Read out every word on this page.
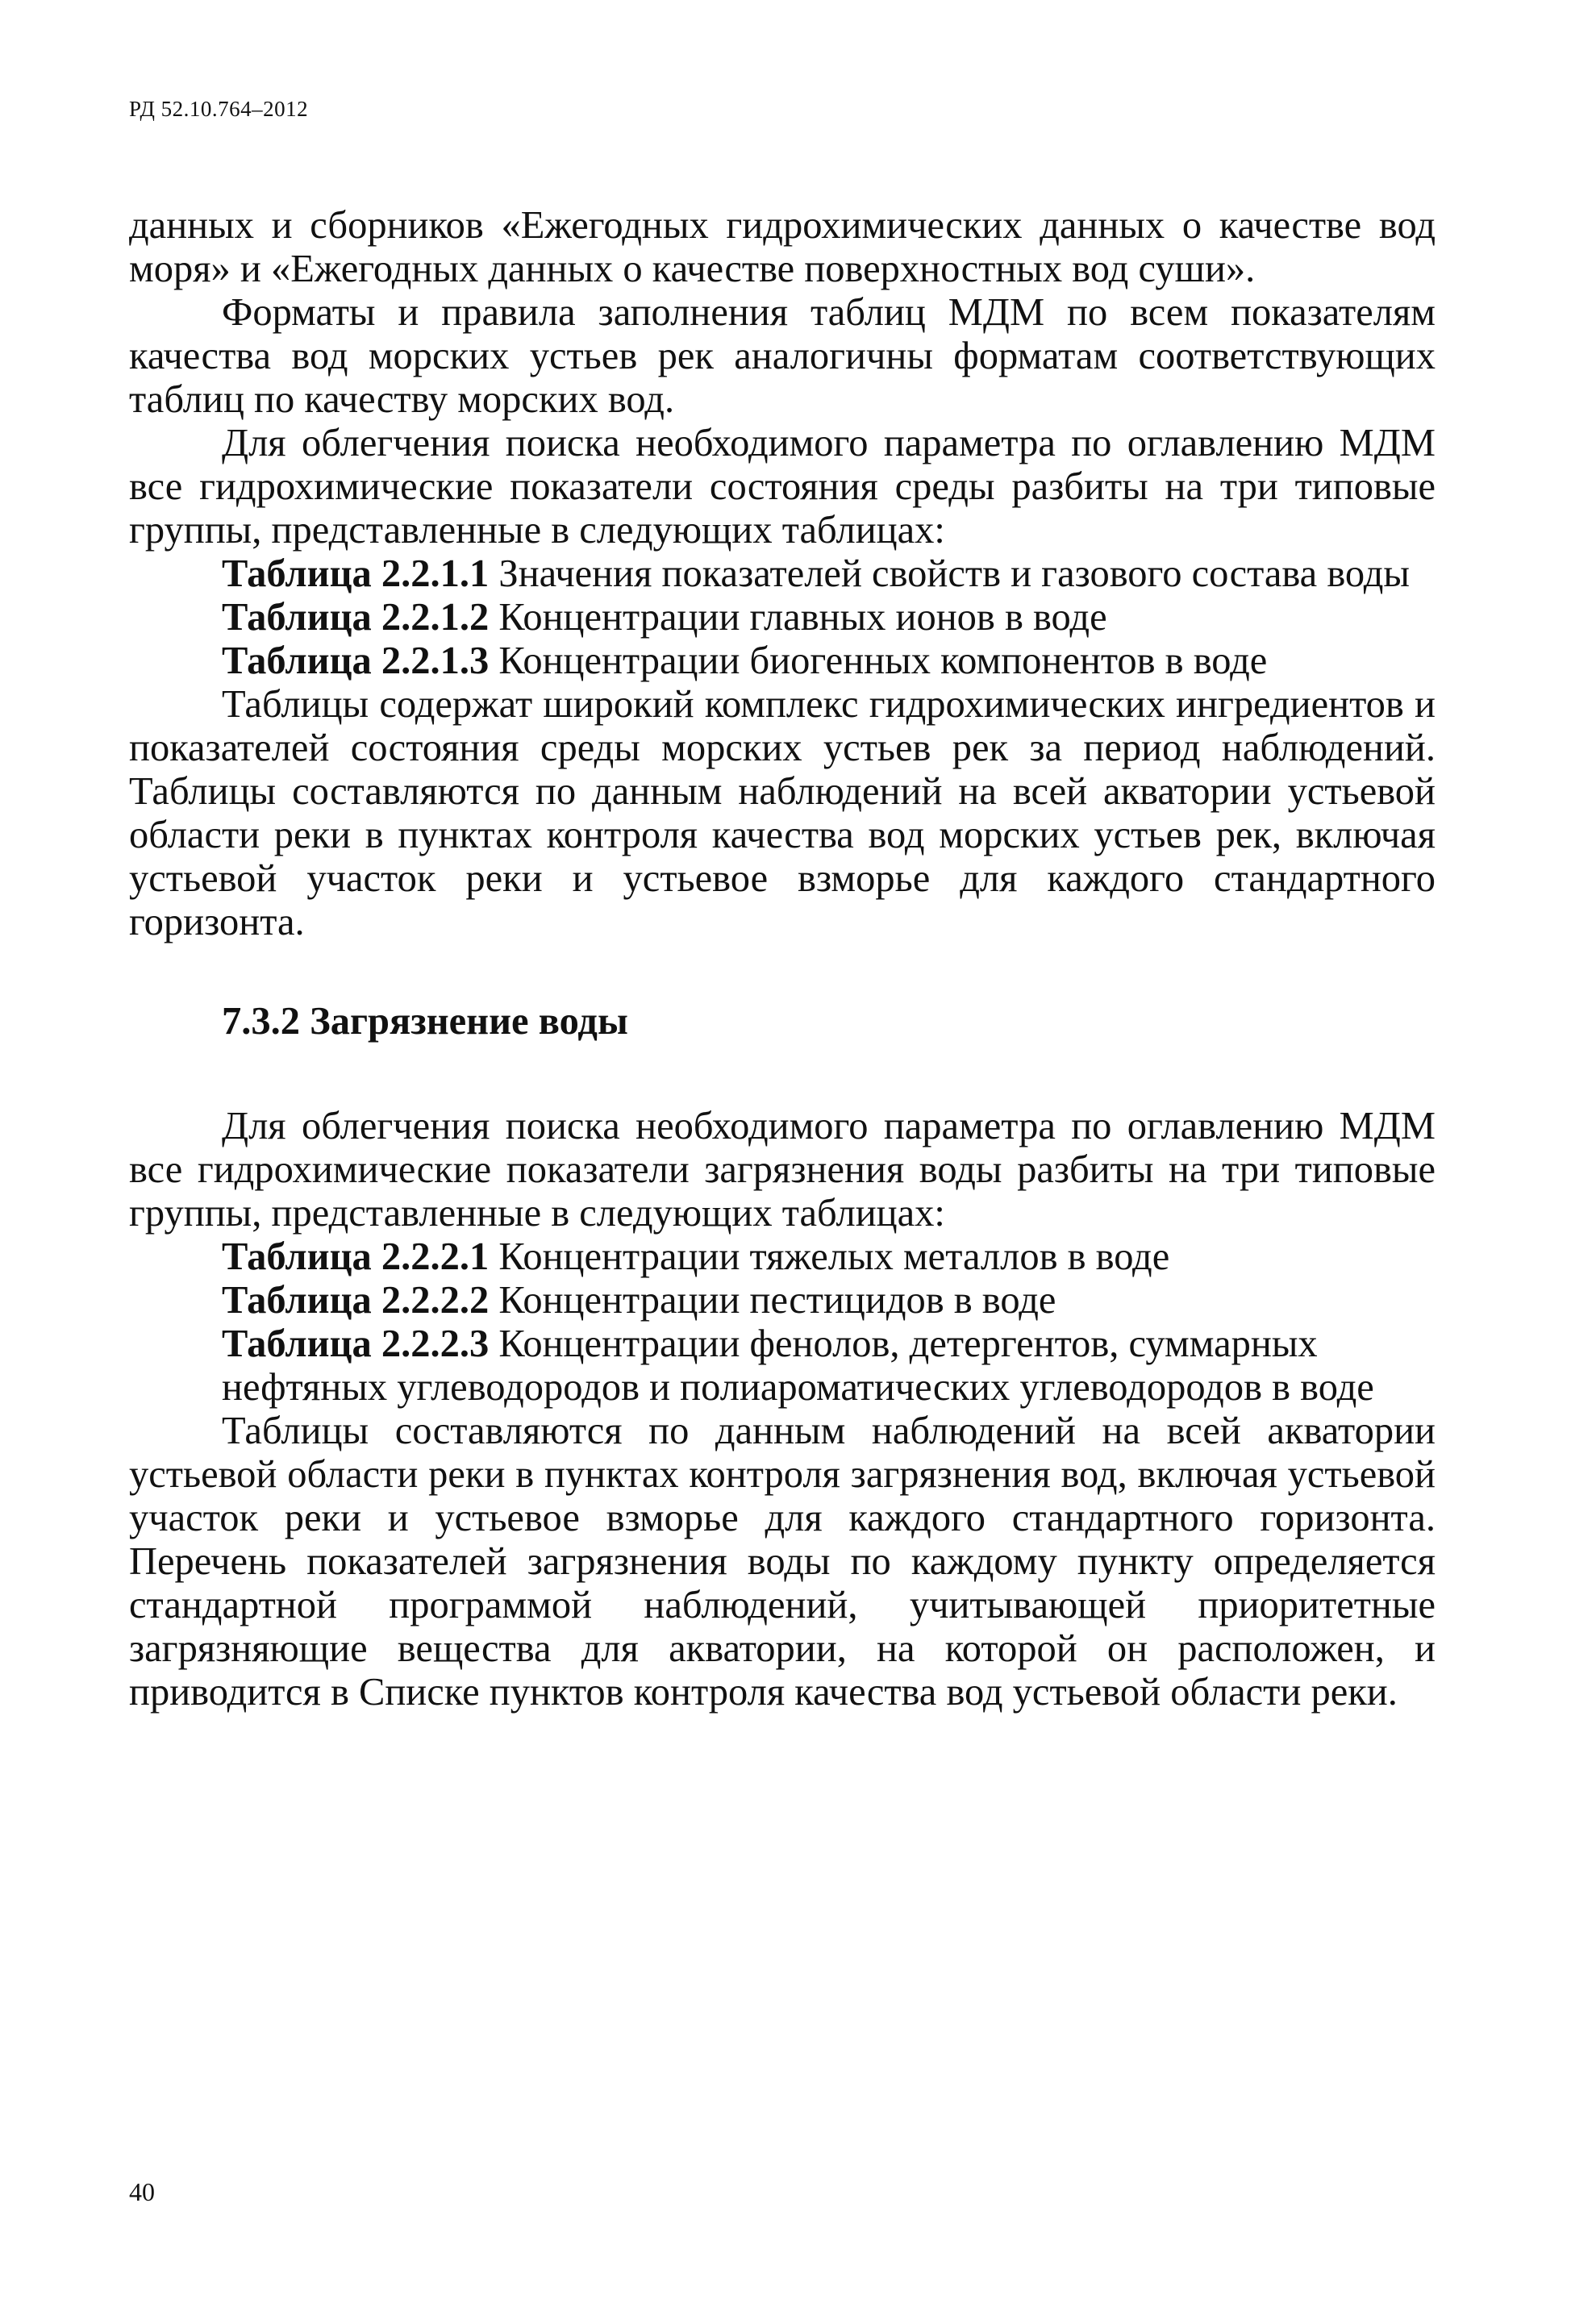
РД 52.10.764–2012

данных и сборников «Ежегодных гидрохимических данных о качестве вод моря» и «Ежегодных данных о качестве поверхностных вод суши».

Форматы и правила заполнения таблиц МДМ по всем показателям качества вод морских устьев рек аналогичны форматам соответствующих таблиц по качеству морских вод.

Для облегчения поиска необходимого параметра по оглавлению МДМ все гидрохимические показатели состояния среды разбиты на три типовые группы, представленные в следующих таблицах:

Таблица 2.2.1.1 Значения показателей свойств и газового состава воды

Таблица 2.2.1.2 Концентрации главных ионов в воде

Таблица 2.2.1.3 Концентрации биогенных компонентов в воде

Таблицы содержат широкий комплекс гидрохимических ингредиентов и показателей состояния среды морских устьев рек за период наблюдений. Таблицы составляются по данным наблюдений на всей акватории устьевой области реки в пунктах контроля качества вод морских устьев рек, включая устьевой участок реки и устьевое взморье для каждого стандартного горизонта.

7.3.2 Загрязнение воды

Для облегчения поиска необходимого параметра по оглавлению МДМ все гидрохимические показатели загрязнения воды разбиты на три типовые группы, представленные в следующих таблицах:

Таблица 2.2.2.1 Концентрации тяжелых металлов в воде

Таблица 2.2.2.2 Концентрации пестицидов в воде

Таблица 2.2.2.3 Концентрации фенолов, детергентов, суммарных
нефтяных углеводородов и полиароматических углеводородов в воде

Таблицы составляются по данным наблюдений на всей акватории устьевой области реки в пунктах контроля загрязнения вод, включая устьевой участок реки и устьевое взморье для каждого стандартного горизонта. Перечень показателей загрязнения воды по каждому пункту определяется стандартной программой наблюдений, учитывающей приоритетные загрязняющие вещества для акватории, на которой он расположен, и приводится в Списке пунктов контроля качества вод устьевой области реки.

40
